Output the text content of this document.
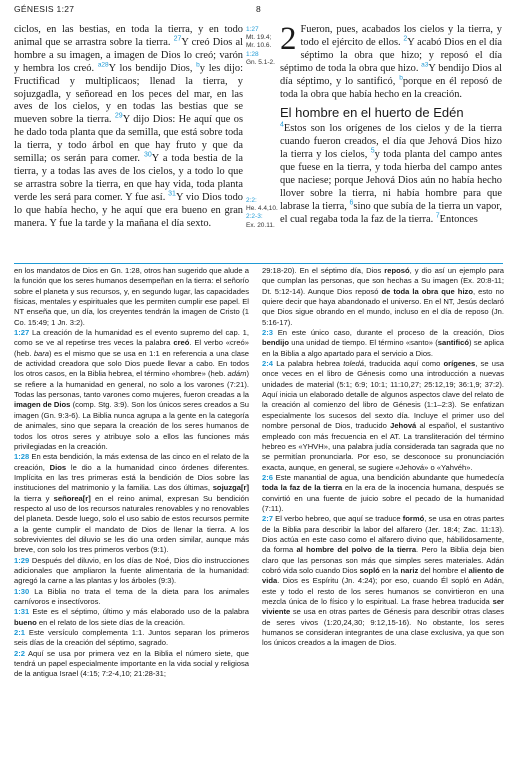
GÉNESIS 1:27	8
ciclos, en las bestias, en toda la tierra, y en todo animal que se arrastra sobre la tierra. $^{27}$Y creó Dios al hombre a su imagen, a imagen de Dios lo creó; varón y hembra los creó. $^{a28}$Y los bendijo Dios, $^b$y les dijo: Fructificad y multiplicaos; llenad la tierra, y sojuzgadla, y señoread en los peces del mar, en las aves de los cielos, y en todas las bestias que se mueven sobre la tierra. $^{29}$Y dijo Dios: He aquí que os he dado toda planta que da semilla, que está sobre toda la tierra, y todo árbol en que hay fruto y que da semilla; os serán para comer. $^{30}$Y a toda bestia de la tierra, y a todas las aves de los cielos, y a todo lo que se arrastra sobre la tierra, en que hay vida, toda planta verde les será para comer. Y fue así. $^{31}$Y vio Dios todo lo que había hecho, y he aquí que era bueno en gran manera. Y fue la tarde y la mañana el día sexto.
1:27
Mt. 19.4;
Mr. 10.6.
1:28
Gn. 5.1-2.
2 Fueron, pues, acabados los cielos y la tierra, y todo el ejército de ellos. $^2$Y acabó Dios en el día séptimo la obra que hizo; y reposó el día séptimo de toda la obra que hizo. $^{a3}$Y bendijo Dios al día séptimo, y lo santificó, $^b$porque en él reposó de toda la obra que había hecho en la creación.
El hombre en el huerto de Edén
$^4$Estos son los orígenes de los cielos y de la tierra cuando fueron creados, el día que Jehová Dios hizo la tierra y los cielos, $^5$y toda planta del campo antes que fuese en la tierra, y toda hierba del campo antes que naciese; porque Jehová Dios aún no había hecho llover sobre la tierra, ni había hombre para que labrase la tierra, $^6$sino que subía de la tierra un vapor, el cual regaba toda la faz de la tierra. $^7$Entonces
2:2:
He. 4.4,10.
2:2-3:
Ex. 20.11.

en los mandatos de Dios en Gn. 1:28, otros han sugerido que alude a la función que los seres humanos desempeñan en la tierra: el señorío sobre el planeta y sus recursos, y, en segundo lugar, las capacidades físicas, mentales y espirituales que les permiten cumplir ese papel. El NT enseña que, un día, los creyentes tendrán la imagen de Cristo (1 Co. 15:49; 1 Jn. 3:2).

1:27 La creación de la humanidad es el evento supremo del cap. 1, como se ve al repetirse tres veces la palabra creó. El verbo «creó» (heb. bara) es el mismo que se usa en 1:1 en referencia a una clase de actividad creadora que solo Dios puede llevar a cabo. En todos los otros casos, en la Biblia hebrea, el término «hombre» (heb. adám) se refiere a la humanidad en general, no solo a los varones (7:21). Todas las personas, tanto varones como mujeres, fueron creadas a la imagen de Dios (comp. Stg. 3:9). Son los únicos seres creados a Su imagen (Gn. 9:3-6). La Biblia nunca agrupa a la gente en la categoría de animales, sino que separa la creación de los seres humanos de todos los otros seres y atribuye solo a ellos las funciones más privilegiadas en la creación.

1:28 En esta bendición, la más extensa de las cinco en el relato de la creación, Dios le dio a la humanidad cinco órdenes diferentes. Implícita en las tres primeras está la bendición de Dios sobre las instituciones del matrimonio y la familia. Las dos últimas, sojuzga[r] la tierra y señorea[r] en el reino animal, expresan Su bendición respecto al uso de los recursos naturales renovables y no renovables del planeta. Desde luego, solo el uso sabio de estos recursos permite a la gente cumplir el mandato de Dios de llenar la tierra. A los sobrevivientes del diluvio se les dio una orden similar, aunque más breve, con solo los tres primeros verbos (9:1).

1:29 Después del diluvio, en los días de Noé, Dios dio instrucciones adicionales que ampliaron la fuente alimentaria de la humanidad: agregó la carne a las plantas y los árboles (9:3).

1:30 La Biblia no trata el tema de la dieta para los animales carnívoros e insectívoros.

1:31 Este es el séptimo, último y más elaborado uso de la palabra bueno en el relato de los siete días de la creación.

2:1 Este versículo complementa 1:1. Juntos separan los primeros seis días de la creación del séptimo, sagrado.

2:2 Aquí se usa por primera vez en la Biblia el número siete, que tendrá un papel especialmente importante en la vida social y religiosa de la antigua Israel (4:15; 7:2-4,10; 21:28-31;

29:18-20). En el séptimo día, Dios reposó, y dio así un ejemplo para que cumplan las personas, que son hechas a Su imagen (Ex. 20:8-11; Dt. 5:12-14). Aunque Dios reposó de toda la obra que hizo, esto no quiere decir que haya abandonado el universo. En el NT, Jesús declaró que Dios sigue obrando en el mundo, incluso en el día de reposo (Jn. 5:16-17).

2:3 En este único caso, durante el proceso de la creación, Dios bendijo una unidad de tiempo. El término «santo» (santificó) se aplica en la Biblia a algo apartado para el servicio a Dios.

2:4 La palabra hebrea toledá, traducida aquí como orígenes, se usa once veces en el libro de Génesis como una introducción a nuevas unidades de material (5:1; 6:9; 10:1; 11:10,27; 25:12,19; 36:1,9; 37:2). Aquí inicia un elaborado detalle de algunos aspectos clave del relato de la creación al comienzo del libro de Génesis (1:1–2:3). Se enfatizan especialmente los sucesos del sexto día. Incluye el primer uso del nombre personal de Dios, traducido Jehová al español, el sustantivo empleado con más frecuencia en el AT. La transliteración del término hebreo es «YHVH», una palabra judía considerada tan sagrada que no se permitían pronunciarla. Por eso, se desconoce su pronunciación exacta, aunque, en general, se sugiere «Jehová» o «Yahvéh».

2:6 Este manantial de agua, una bendición abundante que humedecía toda la faz de la tierra en la era de la inocencia humana, después se convirtió en una fuente de juicio sobre el pecado de la humanidad (7:11).

2:7 El verbo hebreo, que aquí se traduce formó, se usa en otras partes de la Biblia para describir la labor del alfarero (Jer. 18:4; Zac. 11:13). Dios actúa en este caso como el alfarero divino que, hábilidosamente, da forma al hombre del polvo de la tierra. Pero la Biblia deja bien claro que las personas son más que simples seres materiales. Adán cobró vida solo cuando Dios sopló en la nariz del hombre el aliento de vida. Dios es Espíritu (Jn. 4:24); por eso, cuando Él sopló en Adán, este y todo el resto de los seres humanos se convirtieron en una mezcla única de lo físico y lo espiritual. La frase hebrea traducida ser viviente se usa en otras partes de Génesis para describir otras clases de seres vivos (1:20,24,30; 9:12,15-16). No obstante, los seres humanos se consideran integrantes de una clase exclusiva, ya que son los únicos creados a la imagen de Dios.
